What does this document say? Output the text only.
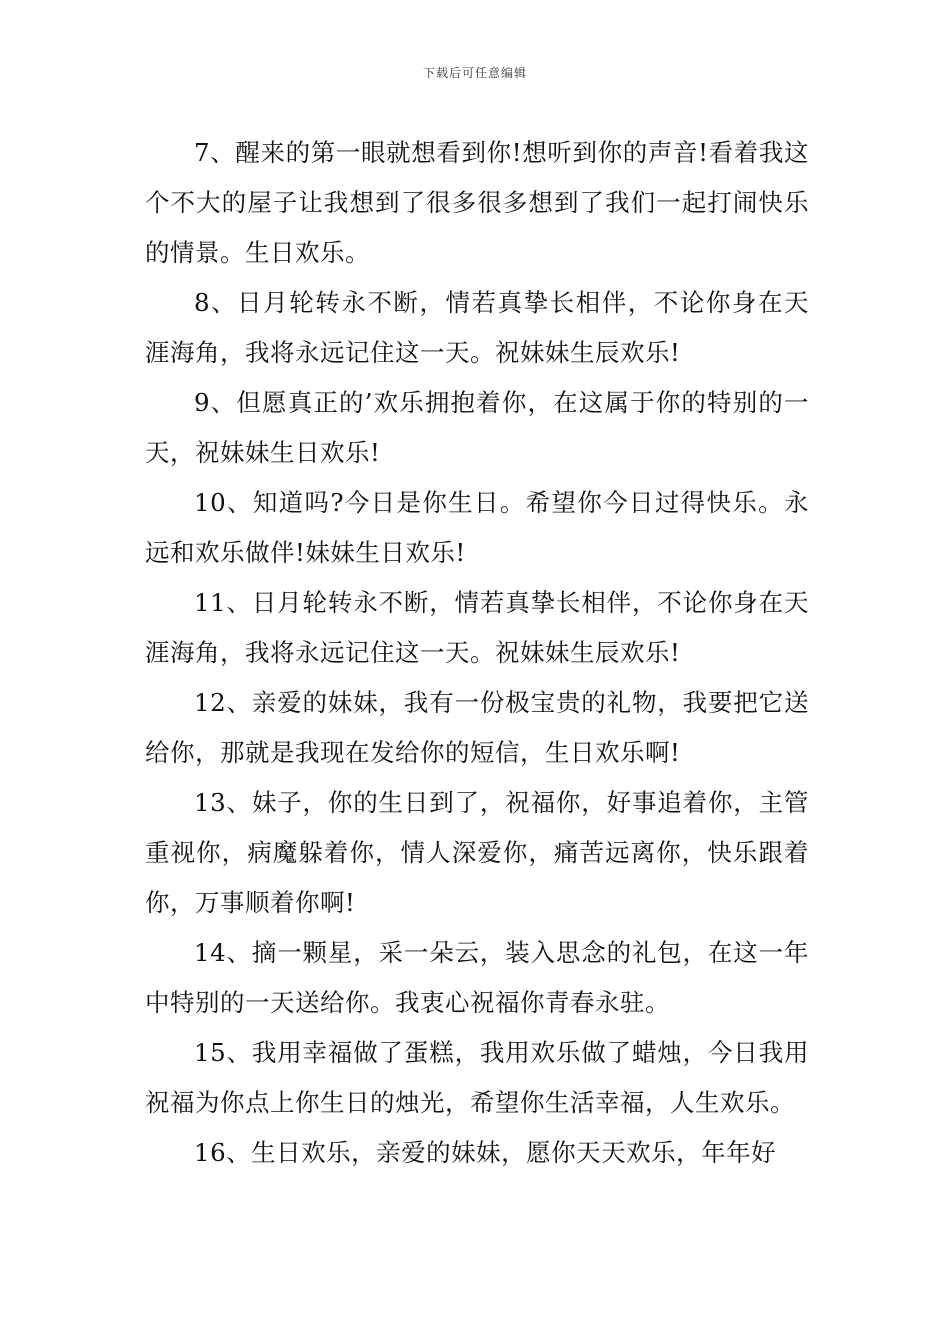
下载后可任意编辑

7、醒来的第一眼就想看到你!想听到你的声音!看着我这个不大的屋子让我想到了很多很多想到了我们一起打闹快乐的情景。生日欢乐。

8、日月轮转永不断，情若真挚长相伴，不论你身在天涯海角，我将永远记住这一天。祝妹妹生辰欢乐!

9、但愿真正的’欢乐拥抱着你，在这属于你的特别的一天，祝妹妹生日欢乐!

10、知道吗?今日是你生日。希望你今日过得快乐。永远和欢乐做伴!妹妹生日欢乐!

11、日月轮转永不断，情若真挚长相伴，不论你身在天涯海角，我将永远记住这一天。祝妹妹生辰欢乐!

12、亲爱的妹妹，我有一份极宝贵的礼物，我要把它送给你，那就是我现在发给你的短信，生日欢乐啊!

13、妹子，你的生日到了，祝福你，好事追着你，主管重视你，病魔躲着你，情人深爱你，痛苦远离你，快乐跟着你，万事顺着你啊!

14、摘一颗星，采一朵云，装入思念的礼包，在这一年中特别的一天送给你。我衷心祝福你青春永驻。

15、我用幸福做了蛋糕，我用欢乐做了蜡烛，今日我用祝福为你点上你生日的烛光，希望你生活幸福，人生欢乐。

16、生日欢乐，亲爱的妹妹，愿你天天欢乐，年年好
